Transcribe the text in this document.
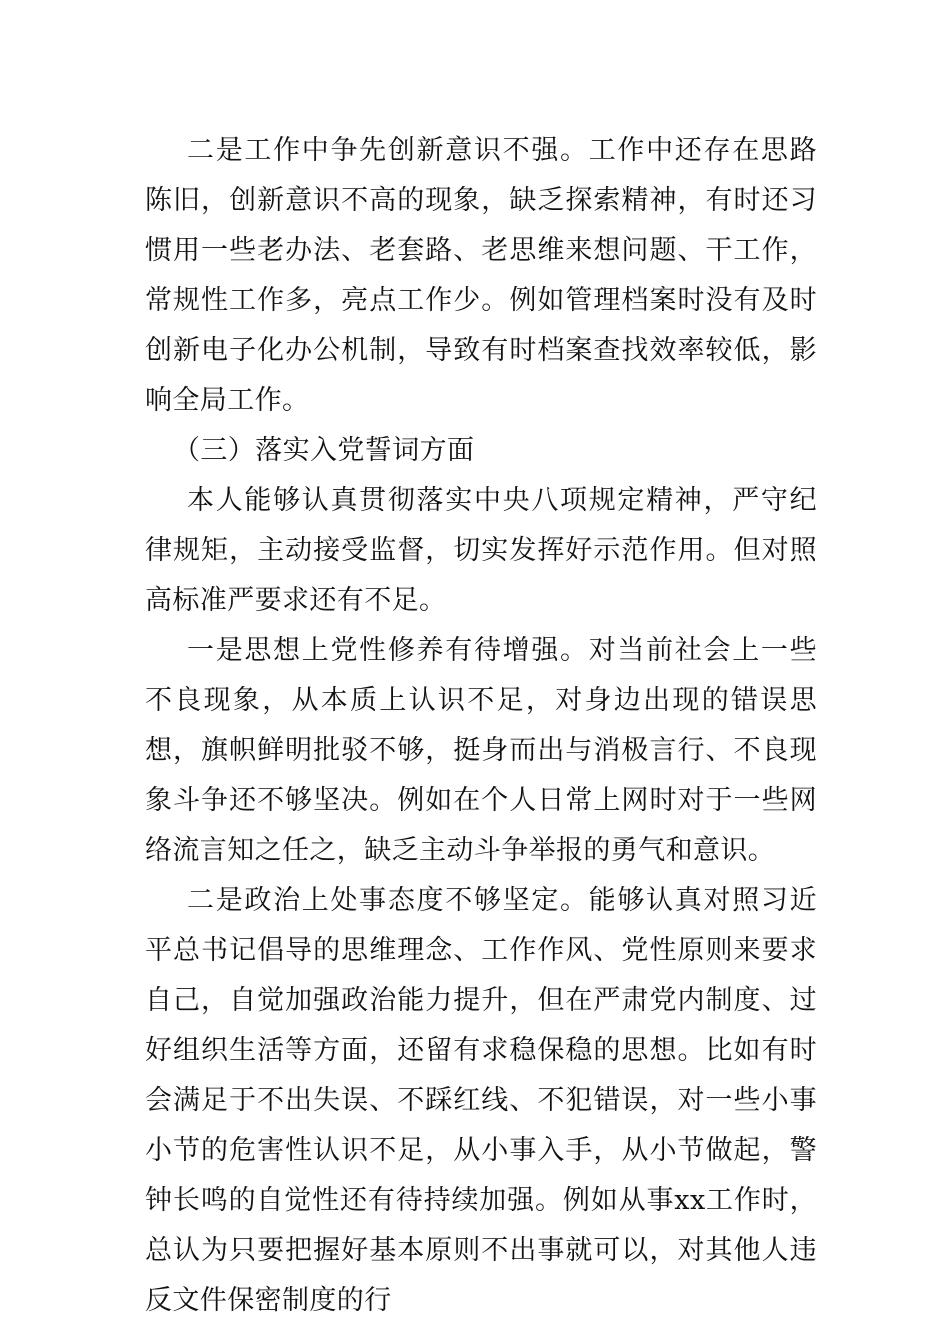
二是工作中争先创新意识不强。工作中还存在思路陈旧，创新意识不高的现象，缺乏探索精神，有时还习惯用一些老办法、老套路、老思维来想问题、干工作，常规性工作多，亮点工作少。例如管理档案时没有及时创新电子化办公机制，导致有时档案查找效率较低，影响全局工作。

（三）落实入党誓词方面

本人能够认真贯彻落实中央八项规定精神，严守纪律规矩，主动接受监督，切实发挥好示范作用。但对照高标准严要求还有不足。

一是思想上党性修养有待增强。对当前社会上一些不良现象，从本质上认识不足，对身边出现的错误思想，旗帜鲜明批驳不够，挺身而出与消极言行、不良现象斗争还不够坚决。例如在个人日常上网时对于一些网络流言知之任之，缺乏主动斗争举报的勇气和意识。

二是政治上处事态度不够坚定。能够认真对照习近平总书记倡导的思维理念、工作作风、党性原则来要求自己，自觉加强政治能力提升，但在严肃党内制度、过好组织生活等方面，还留有求稳保稳的思想。比如有时会满足于不出失误、不踩红线、不犯错误，对一些小事小节的危害性认识不足，从小事入手，从小节做起，警钟长鸣的自觉性还有待持续加强。例如从事xx工作时，总认为只要把握好基本原则不出事就可以，对其他人违反文件保密制度的行
